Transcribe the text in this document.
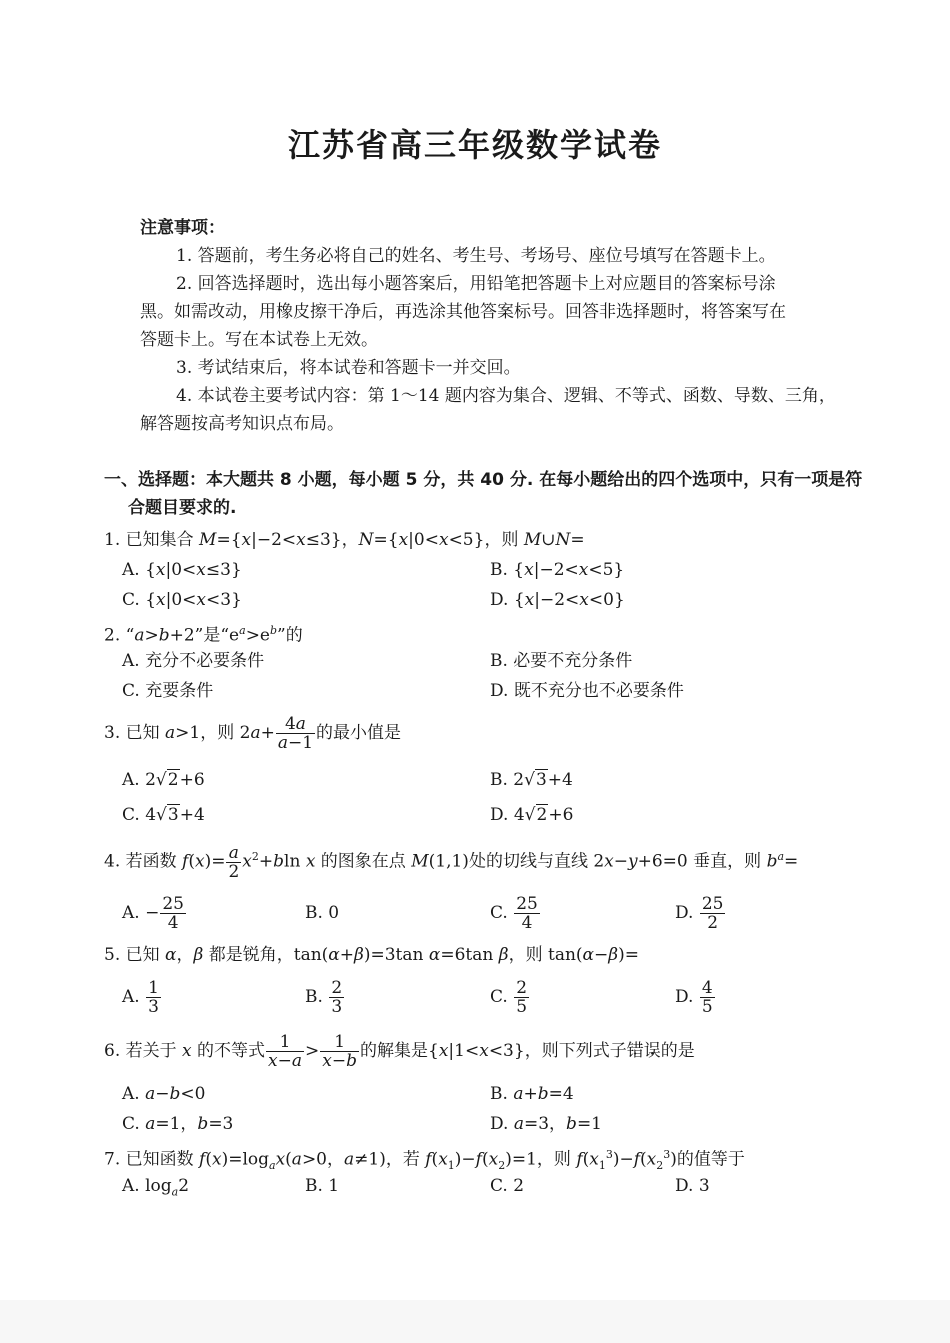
江苏省高三年级数学试卷
注意事项：
1. 答题前，考生务必将自己的姓名、考生号、考场号、座位号填写在答题卡上。
2. 回答选择题时，选出每小题答案后，用铅笔把答题卡上对应题目的答案标号涂
黑。如需改动，用橡皮擦干净后，再选涂其他答案标号。回答非选择题时，将答案写在
答题卡上。写在本试卷上无效。
3. 考试结束后，将本试卷和答题卡一并交回。
4. 本试卷主要考试内容：第 1～14 题内容为集合、逻辑、不等式、函数、导数、三角，
解答题按高考知识点布局。
一、选择题：本大题共 8 小题，每小题 5 分，共 40 分. 在每小题给出的四个选项中，只有一项是符
合题目要求的.
1. 已知集合 M={x|−2<x≤3}，N={x|0<x<5}，则 M∪N=
A. {x|0<x≤3}	B. {x|−2<x<5}
C. {x|0<x<3}	D. {x|−2<x<0}
2. “a>b+2”是“$e^a>e^b$”的
A. 充分不必要条件	B. 必要不充分条件
C. 充要条件	D. 既不充分也不必要条件
3. 已知 a>1，则 $2a+ \frac{4a}{a-1}$ 的最小值是
A. 2√2+6	B. 2√3+4
C. 4√3+4	D. 4√2+6
4. 若函数 $f(x)= \frac{a}{2} x^2+bln$ x 的图象在点 M(1,1)处的切线与直线 2x−y+6=0 垂直，则 $b^a=$
A. − $\frac{25}{4}$	B. 0	C. $\frac{25}{4}$	D. $\frac{25}{2}$
5. 已知 α，β 都是锐角，tan(α+β)=3tan α=6tan β，则 tan(α−β)=
A. $\frac{1}{3}$	B. $\frac{2}{3}$	C. $\frac{2}{5}$	D. $\frac{4}{5}$
6. 若关于 x 的不等式 $\frac{1}{x-a} > \frac{1}{x-b}$ 的解集是{x|1<x<3}，则下列式子错 ·误 ·的是
A. a−b<0	B. a+b=4
C. a=1，b=3	D. a=3，b=1
7. 已知函数 $f(x)=\log_ax(a>0$，a≠1)，若 $f(x_1)-f(x_2)=1$，则 $f(x_1^3)-f(x_2^3)$的值等于
A. $\log_a2$	B. 1	C. 2	D. 3
